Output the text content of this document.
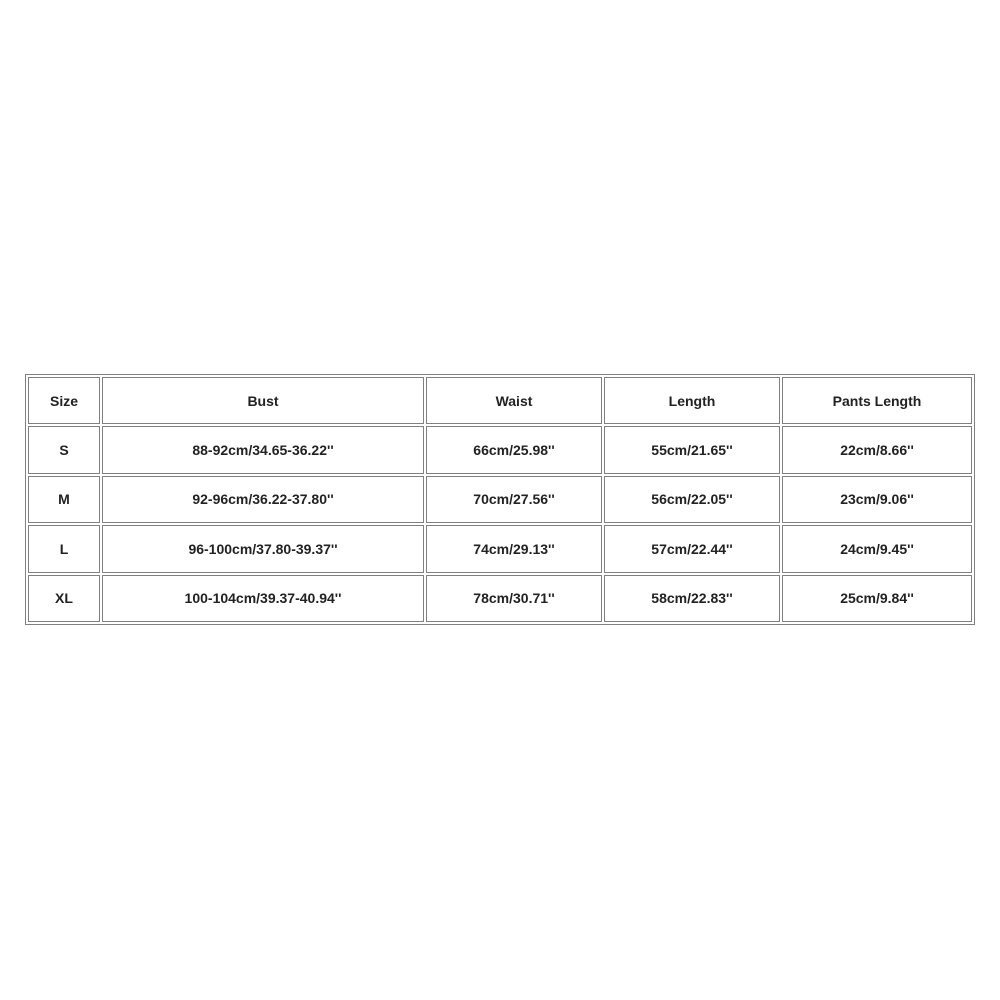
Size	Bust	Waist	Length	Pants Length
S	88-92cm/34.65-36.22''	66cm/25.98''	55cm/21.65''	22cm/8.66''
M	92-96cm/36.22-37.80''	70cm/27.56''	56cm/22.05''	23cm/9.06''
L	96-100cm/37.80-39.37''	74cm/29.13''	57cm/22.44''	24cm/9.45''
XL	100-104cm/39.37-40.94''	78cm/30.71''	58cm/22.83''	25cm/9.84''
